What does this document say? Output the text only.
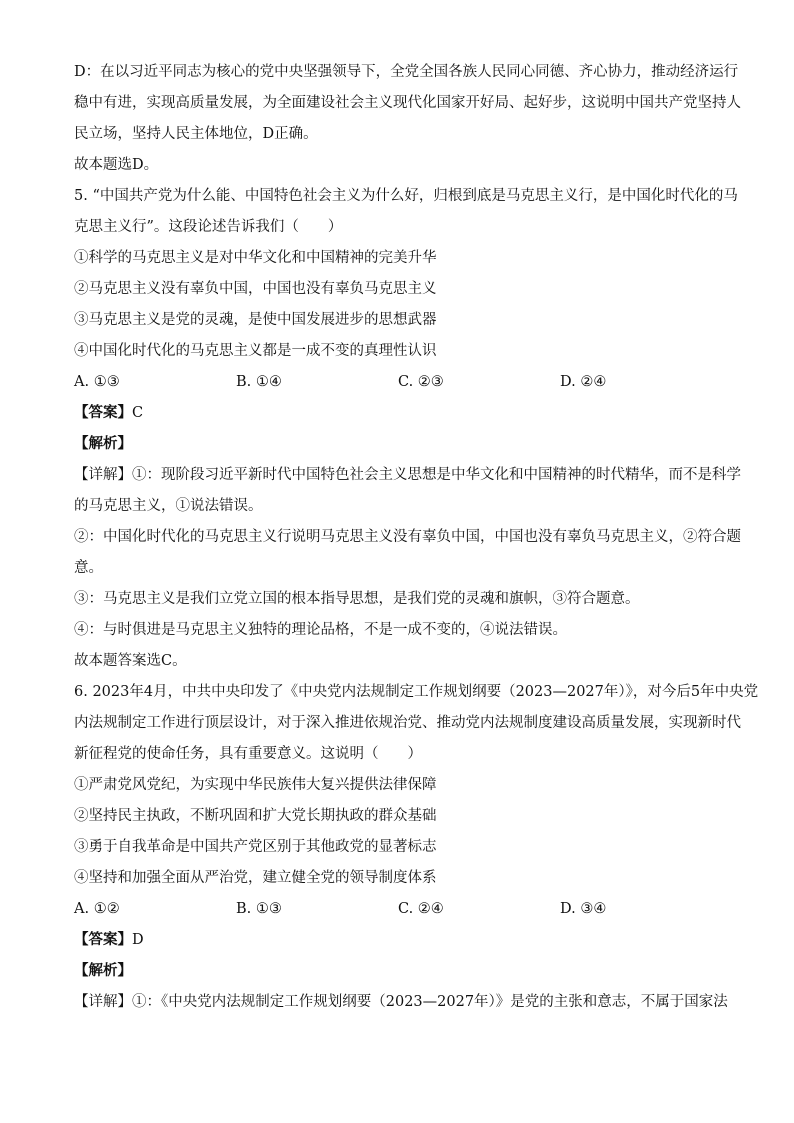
D：在以习近平同志为核心的党中央坚强领导下，全党全国各族人民同心同德、齐心协力，推动经济运行
稳中有进，实现高质量发展，为全面建设社会主义现代化国家开好局、起好步，这说明中国共产党坚持人
民立场，坚持人民主体地位，D正确。
故本题选D。
5. “中国共产党为什么能、中国特色社会主义为什么好，归根到底是马克思主义行，是中国化时代化的马
克思主义行”。这段论述告诉我们（　　）
①科学的马克思主义是对中华文化和中国精神的完美升华
②马克思主义没有辜负中国，中国也没有辜负马克思主义
③马克思主义是党的灵魂，是使中国发展进步的思想武器
④中国化时代化的马克思主义都是一成不变的真理性认识
A. ①③	B. ①④	C. ②③	D. ②④
【答案】C
【解析】
【详解】①：现阶段习近平新时代中国特色社会主义思想是中华文化和中国精神的时代精华，而不是科学
的马克思主义，①说法错误。
②：中国化时代化的马克思主义行说明马克思主义没有辜负中国，中国也没有辜负马克思主义，②符合题
意。
③：马克思主义是我们立党立国的根本指导思想，是我们党的灵魂和旗帜，③符合题意。
④：与时俱进是马克思主义独特的理论品格，不是一成不变的，④说法错误。
故本题答案选C。
6. 2023年4月，中共中央印发了《中央党内法规制定工作规划纲要（2023—2027年）》，对今后5年中央党
内法规制定工作进行顶层设计，对于深入推进依规治党、推动党内法规制度建设高质量发展，实现新时代
新征程党的使命任务，具有重要意义。这说明（　　）
①严肃党风党纪，为实现中华民族伟大复兴提供法律保障
②坚持民主执政，不断巩固和扩大党长期执政的群众基础
③勇于自我革命是中国共产党区别于其他政党的显著标志
④坚持和加强全面从严治党，建立健全党的领导制度体系
A. ①②	B. ①③	C. ②④	D. ③④
【答案】D
【解析】
【详解】①：《中央党内法规制定工作规划纲要（2023—2027年）》是党的主张和意志，不属于国家法
